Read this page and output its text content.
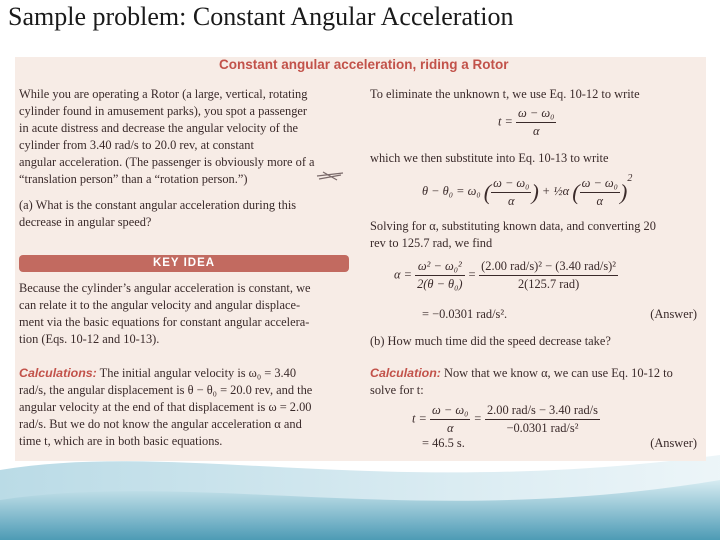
Sample problem: Constant Angular Acceleration
Constant angular acceleration, riding a Rotor
While you are operating a Rotor (a large, vertical, rotating
cylinder found in amusement parks), you spot a passenger
in acute distress and decrease the angular velocity of the
cylinder from 3.40 rad/s to 20.0 rev, at constant
angular acceleration. (The passenger is obviously more of a
“translation person” than a “rotation person.”)
(a) What is the constant angular acceleration during this
decrease in angular speed?
KEY IDEA
Because the cylinder’s angular acceleration is constant, we
can relate it to the angular velocity and angular displace-
ment via the basic equations for constant angular accelera-
tion (Eqs. 10-12 and 10-13).
Calculations: The initial angular velocity is ω₀ = 3.40
rad/s, the angular displacement is θ − θ₀ = 20.0 rev, and the
angular velocity at the end of that displacement is ω = 2.00
rad/s. But we do not know the angular acceleration α and
time t, which are in both basic equations.
To eliminate the unknown t, we use Eq. 10-12 to write
$t = \frac{\text{ω − ω₀}}{\alpha}$
which we then substitute into Eq. 10-13 to write
θ − θ₀ = ω₀ ( $\frac{\text{ω − ω₀}}{\alpha}$ ) + ½α ( $\frac{\text{ω − ω₀}}{\alpha} )^2$
Solving for α, substituting known data, and converting 20
rev to 125.7 rad, we find
$\alpha = \frac{\text{ω² − ω₀²}}{\text{2(θ − θ₀)}} = \frac{\text{(2.00 rad/s)² − (3.40 rad/s)²}}{\text{2(125.7 rad)}}$
= −0.0301 rad/s².	(Answer)
(b) How much time did the speed decrease take?
Calculation: Now that we know α, we can use Eq. 10-12 to
solve for t:
$t = \frac{\text{ω − ω₀}}{\alpha} = \frac{\text{2.00 rad/s − 3.40 rad/s}}{\text{−0.0301 rad/s²}}$
= 46.5 s.	(Answer)
